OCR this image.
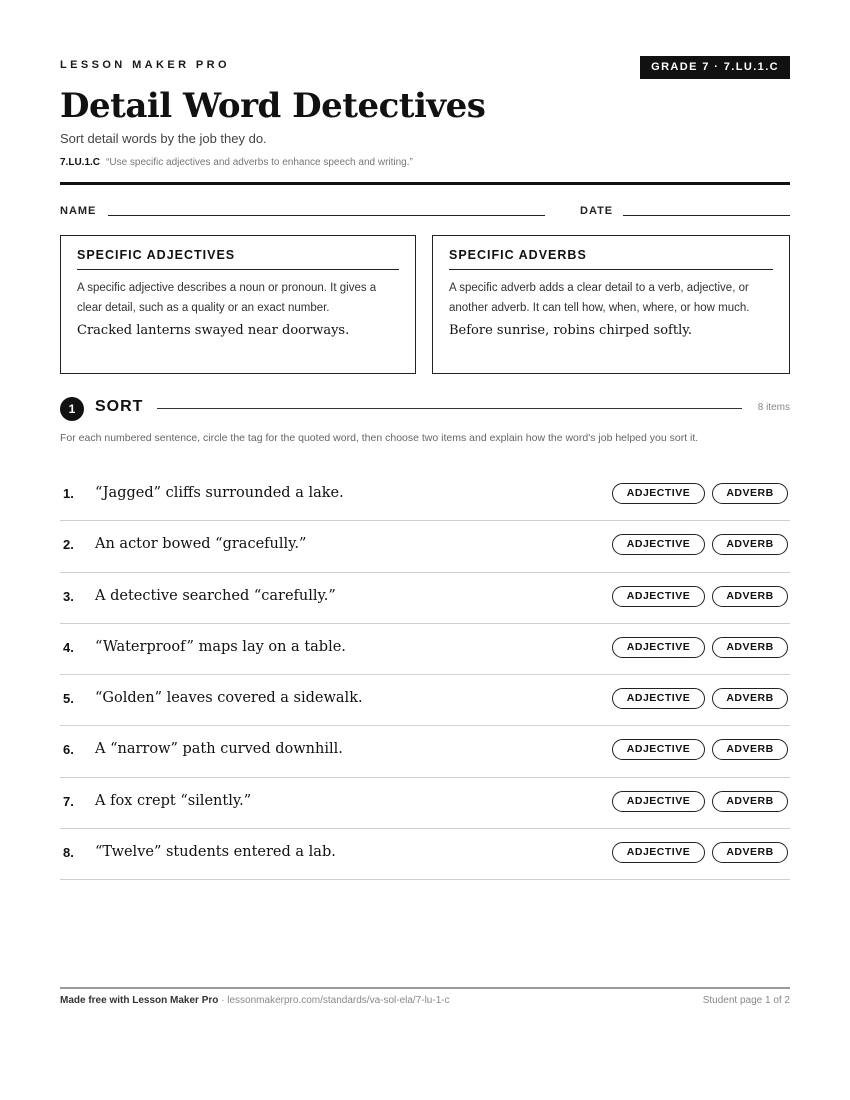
LESSON MAKER PRO	GRADE 7 · 7.LU.1.C
Detail Word Detectives
Sort detail words by the job they do.
7.LU.1.C “Use specific adjectives and adverbs to enhance speech and writing.”
NAME	DATE
SPECIFIC ADJECTIVES
A specific adjective describes a noun or pronoun. It gives a clear detail, such as a quality or an exact number.
Cracked lanterns swayed near doorways.
SPECIFIC ADVERBS
A specific adverb adds a clear detail to a verb, adjective, or another adverb. It can tell how, when, where, or how much.
Before sunrise, robins chirped softly.
1	SORT	8 items
For each numbered sentence, circle the tag for the quoted word, then choose two items and explain how the word's job helped you sort it.
1. “Jagged” cliffs surrounded a lake.	ADJECTIVE	ADVERB
2. An actor bowed “gracefully.”	ADJECTIVE	ADVERB
3. A detective searched “carefully.”	ADJECTIVE	ADVERB
4. “Waterproof” maps lay on a table.	ADJECTIVE	ADVERB
5. “Golden” leaves covered a sidewalk.	ADJECTIVE	ADVERB
6. A “narrow” path curved downhill.	ADJECTIVE	ADVERB
7. A fox crept “silently.”	ADJECTIVE	ADVERB
8. “Twelve” students entered a lab.	ADJECTIVE	ADVERB
Made free with Lesson Maker Pro · lessonmakerpro.com/standards/va-sol-ela/7-lu-1-c	Student page 1 of 2
